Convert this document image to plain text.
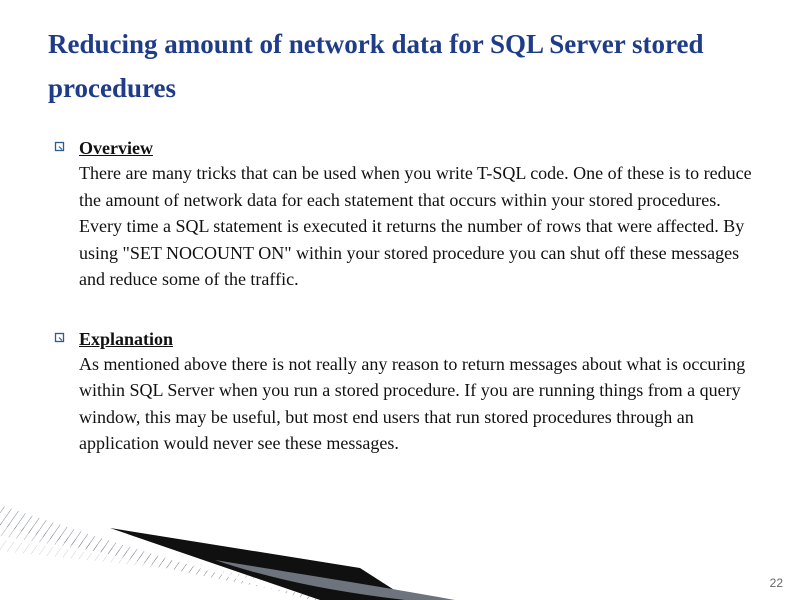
Reducing amount of network data for SQL Server stored procedures
Overview
There are many tricks that can be used when you write T-SQL code. One of these is to reduce the amount of network data for each statement that occurs within your stored procedures. Every time a SQL statement is executed it returns the number of rows that were affected. By using "SET NOCOUNT ON" within your stored procedure you can shut off these messages and reduce some of the traffic.
Explanation
As mentioned above there is not really any reason to return messages about what is occuring within SQL Server when you run a stored procedure. If you are running things from a query window, this may be useful, but most end users that run stored procedures through an application would never see these messages.
22
